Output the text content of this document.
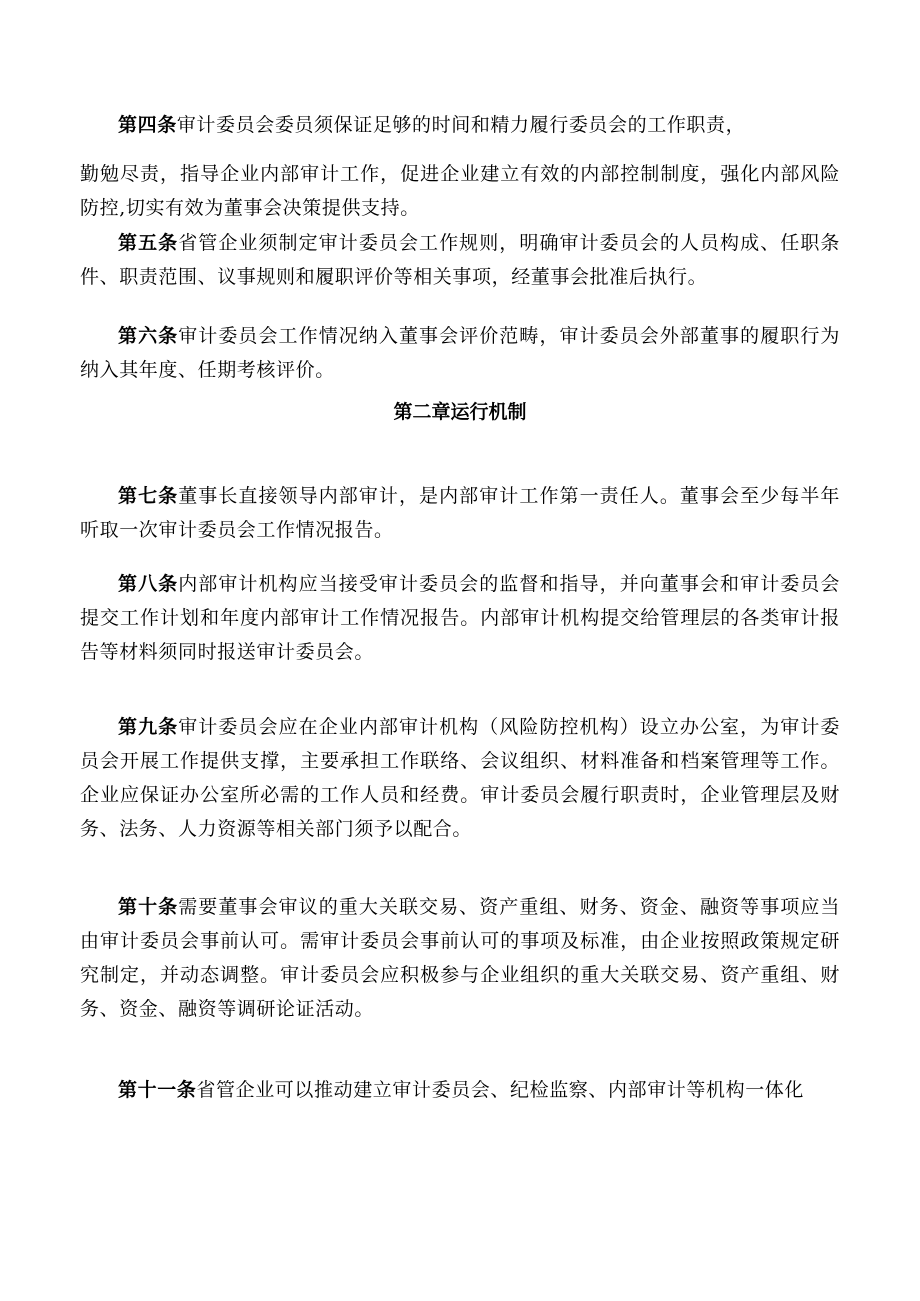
第四条审计委员会委员须保证足够的时间和精力履行委员会的工作职责，

勤勉尽责，指导企业内部审计工作，促进企业建立有效的内部控制制度，强化内部风险防控,切实有效为董事会决策提供支持。

第五条省管企业须制定审计委员会工作规则，明确审计委员会的人员构成、任职条件、职责范围、议事规则和履职评价等相关事项，经董事会批准后执行。

第六条审计委员会工作情况纳入董事会评价范畴，审计委员会外部董事的履职行为纳入其年度、任期考核评价。

第二章运行机制

第七条董事长直接领导内部审计，是内部审计工作第一责任人。董事会至少每半年听取一次审计委员会工作情况报告。

第八条内部审计机构应当接受审计委员会的监督和指导，并向董事会和审计委员会提交工作计划和年度内部审计工作情况报告。内部审计机构提交给管理层的各类审计报告等材料须同时报送审计委员会。

第九条审计委员会应在企业内部审计机构（风险防控机构）设立办公室，为审计委员会开展工作提供支撑，主要承担工作联络、会议组织、材料准备和档案管理等工作。企业应保证办公室所必需的工作人员和经费。审计委员会履行职责时，企业管理层及财务、法务、人力资源等相关部门须予以配合。

第十条需要董事会审议的重大关联交易、资产重组、财务、资金、融资等事项应当由审计委员会事前认可。需审计委员会事前认可的事项及标准，由企业按照政策规定研究制定，并动态调整。审计委员会应积极参与企业组织的重大关联交易、资产重组、财务、资金、融资等调研论证活动。

第十一条省管企业可以推动建立审计委员会、纪检监察、内部审计等机构一体化
